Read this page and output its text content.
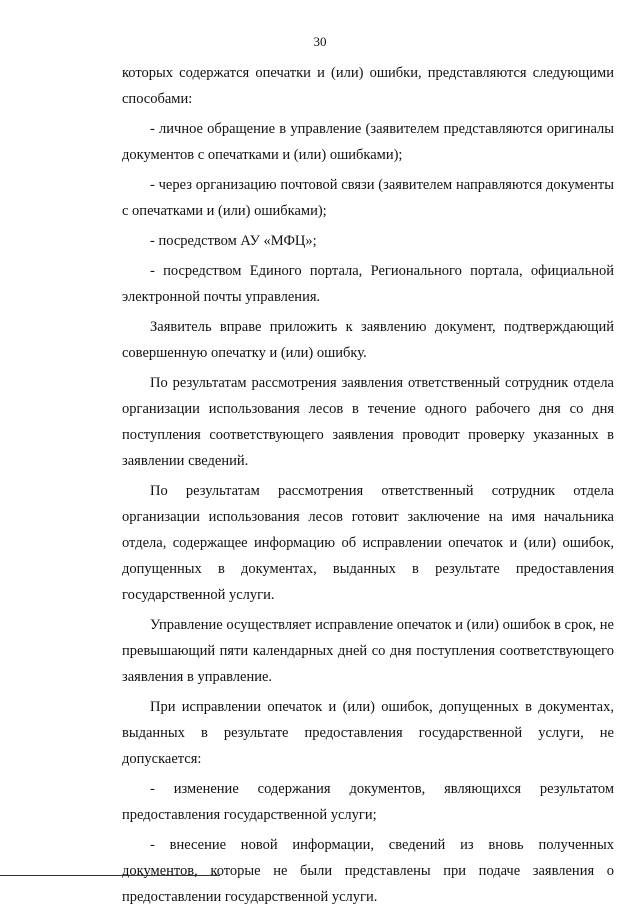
30

которых содержатся опечатки и (или) ошибки, представляются следующими способами:

- личное обращение в управление (заявителем представляются оригиналы документов с опечатками и (или) ошибками);

- через организацию почтовой связи (заявителем направляются документы с опечатками и (или) ошибками);

- посредством АУ «МФЦ»;

- посредством Единого портала, Регионального портала, официальной электронной почты управления.

Заявитель вправе приложить к заявлению документ, подтверждающий совершенную опечатку и (или) ошибку.

По результатам рассмотрения заявления ответственный сотрудник отдела организации использования лесов в течение одного рабочего дня со дня поступления соответствующего заявления проводит проверку указанных в заявлении сведений.

По результатам рассмотрения ответственный сотрудник отдела организации использования лесов готовит заключение на имя начальника отдела, содержащее информацию об исправлении опечаток и (или) ошибок, допущенных в документах, выданных в результате предоставления государственной услуги.

Управление осуществляет исправление опечаток и (или) ошибок в срок, не превышающий пяти календарных дней со дня поступления соответствующего заявления в управление.

При исправлении опечаток и (или) ошибок, допущенных в документах, выданных в результате предоставления государственной услуги, не допускается:

- изменение содержания документов, являющихся результатом предоставления государственной услуги;

- внесение новой информации, сведений из вновь полученных документов, которые не были представлены при подаче заявления о предоставлении государственной услуги.
